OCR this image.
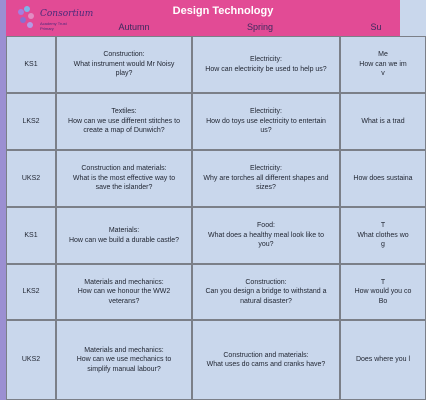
Consortium
Academy Trust Primary
Design Technology
Autumn	Spring	Su
KS1
Construction:
What instrument would Mr Noisy
play?
Electricity:
How can electricity be used to help us?
Me
How can we im
v
LKS2
Textiles:
How can we use different stitches to
create a map of Dunwich?
Electricity:
How do toys use electricity to entertain
us?
What is a trad
UKS2
Construction and materials:
What is the most effective way to
save the islander?
Electricity:
Why are torches all different shapes and
sizes?
How does sustaina
KS1
Materials:
How can we build a durable castle?
Food:
What does a healthy meal look like to
you?
T
What clothes wo
g
LKS2
Materials and mechanics:
How can we honour the WW2
veterans?
Construction:
Can you design a bridge to withstand a
natural disaster?
T
How would you co
Bo
UKS2
Materials and mechanics:
How can we use mechanics to
simplify manual labour?
Construction and materials:
What uses do cams and cranks have?
Does where you l
